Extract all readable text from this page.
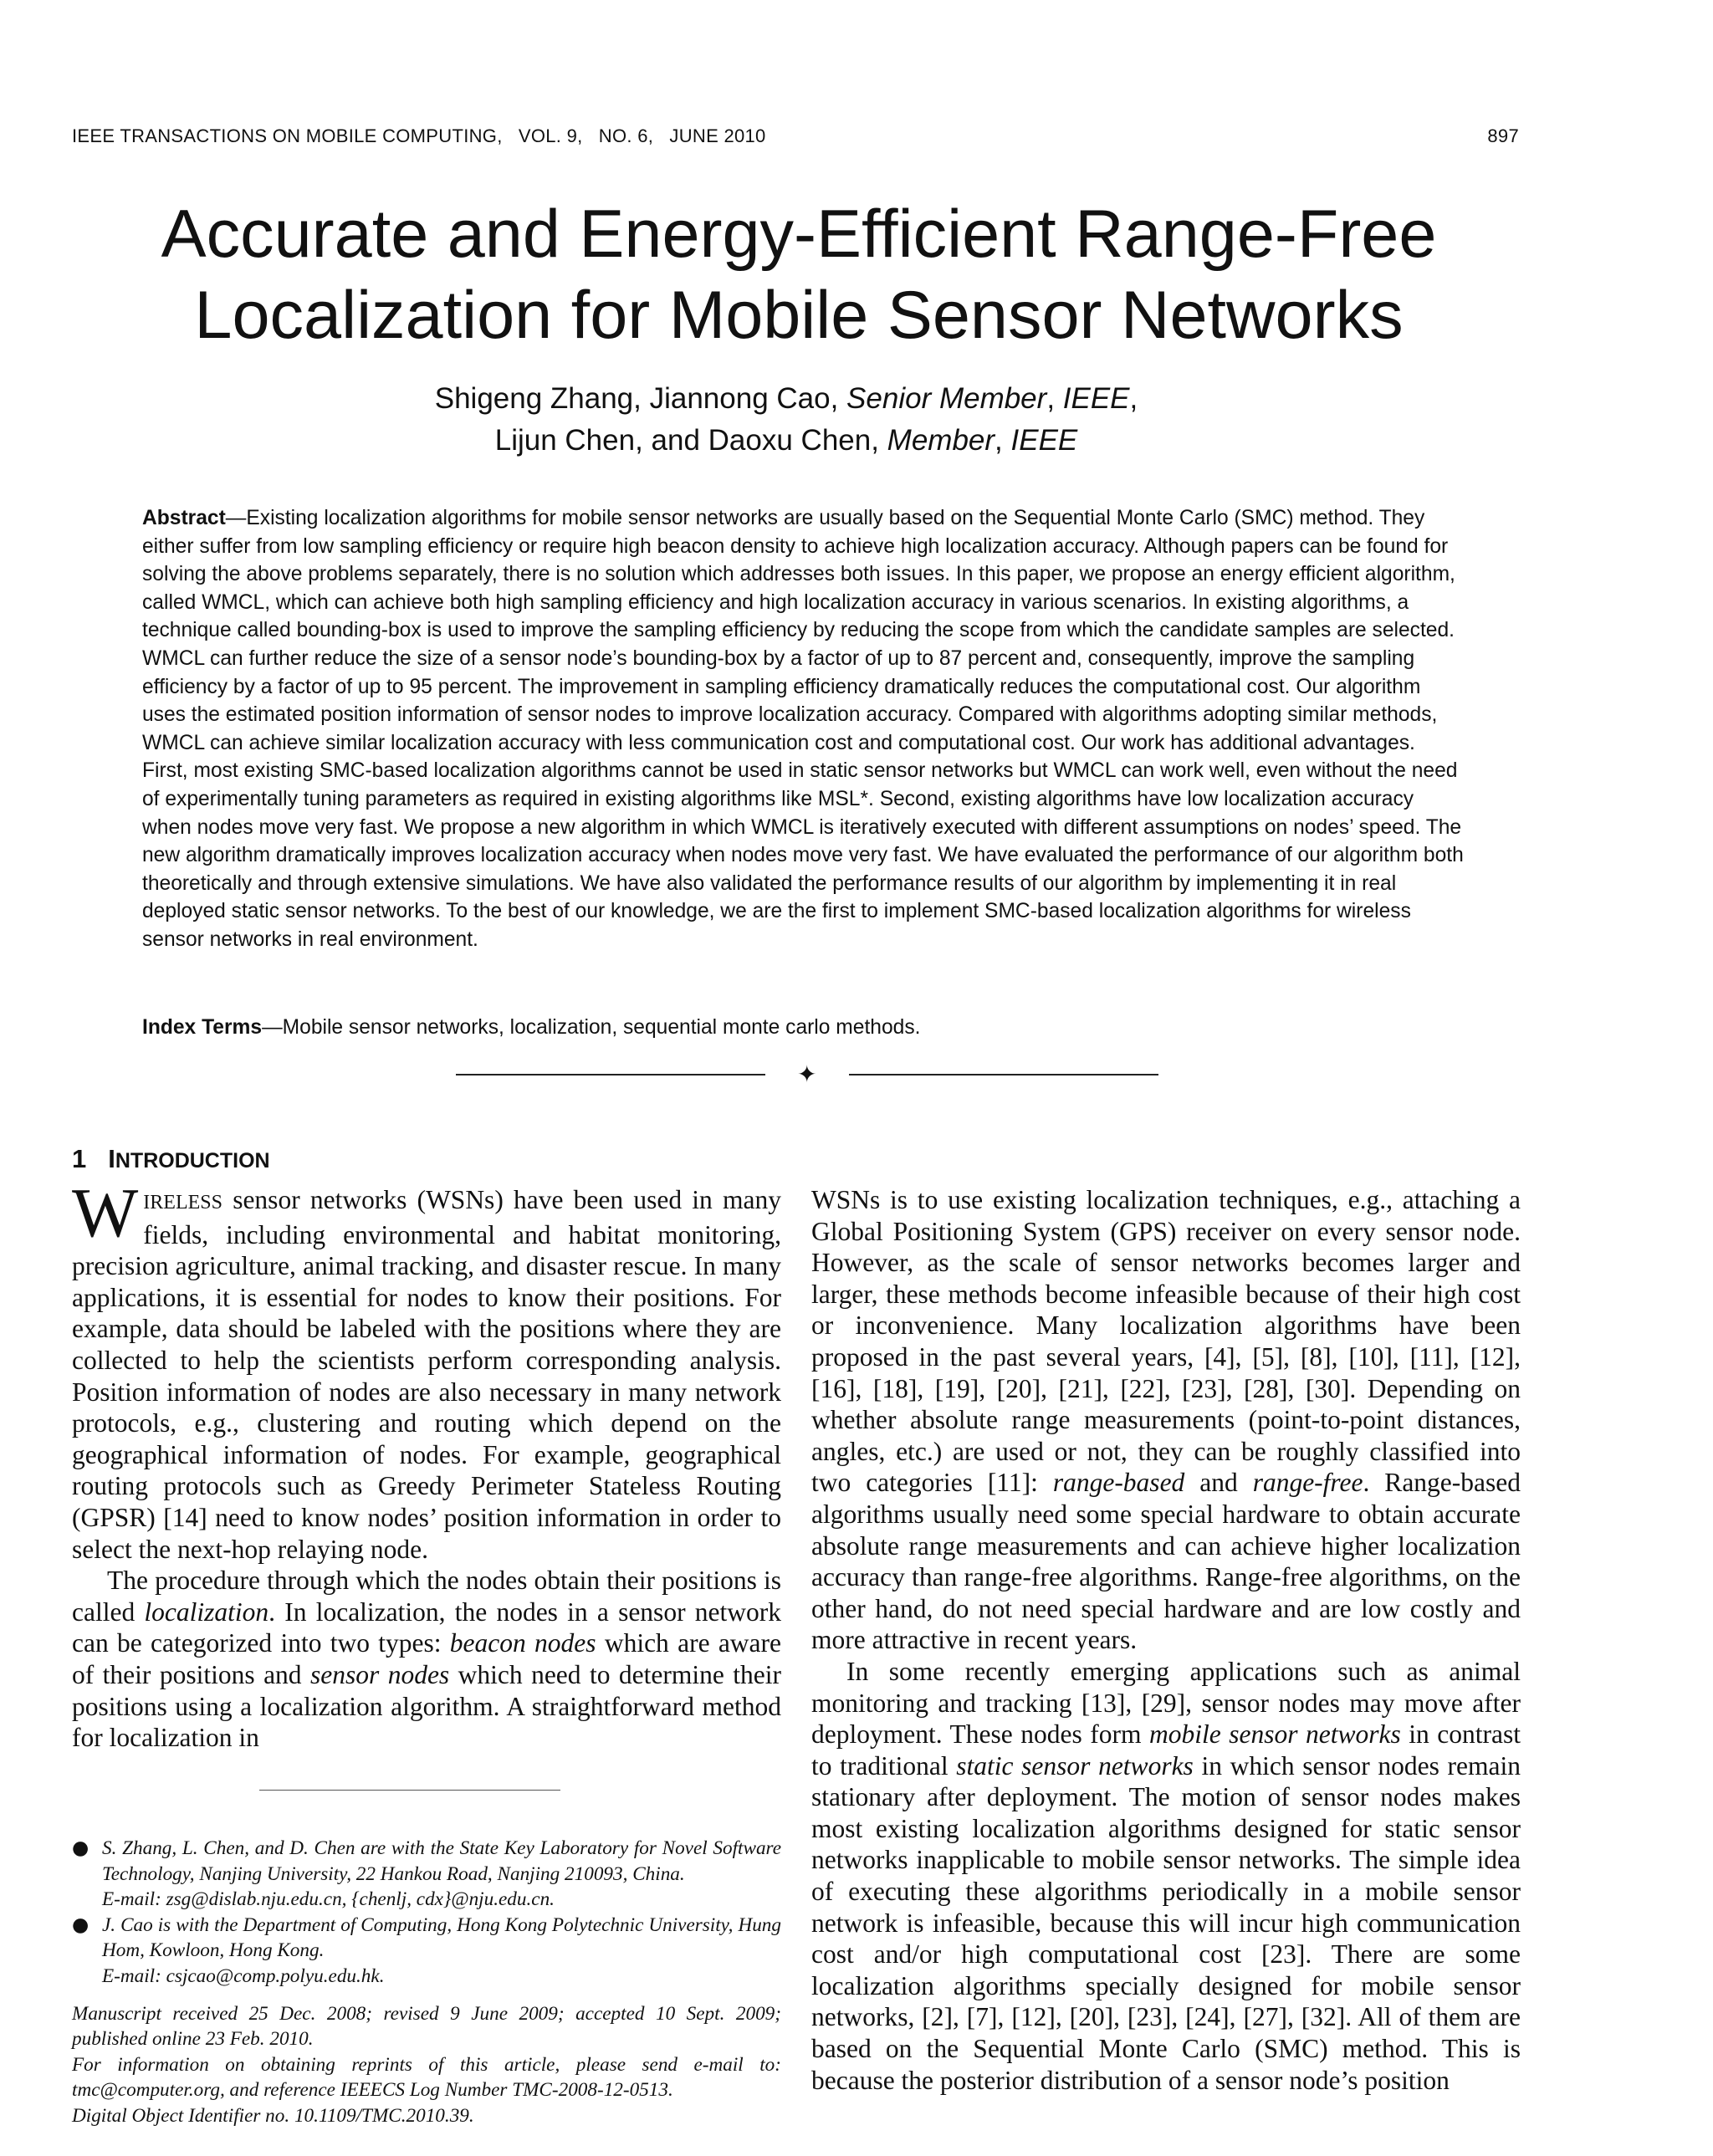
IEEE TRANSACTIONS ON MOBILE COMPUTING,   VOL. 9,   NO. 6,   JUNE 2010	897
Accurate and Energy-Efficient Range-Free
Localization for Mobile Sensor Networks
Shigeng Zhang, Jiannong Cao, Senior Member, IEEE,
Lijun Chen, and Daoxu Chen, Member, IEEE
Abstract—Existing localization algorithms for mobile sensor networks are usually based on the Sequential Monte Carlo (SMC) method. They either suffer from low sampling efficiency or require high beacon density to achieve high localization accuracy. Although papers can be found for solving the above problems separately, there is no solution which addresses both issues. In this paper, we propose an energy efficient algorithm, called WMCL, which can achieve both high sampling efficiency and high localization accuracy in various scenarios. In existing algorithms, a technique called bounding-box is used to improve the sampling efficiency by reducing the scope from which the candidate samples are selected. WMCL can further reduce the size of a sensor node’s bounding-box by a factor of up to 87 percent and, consequently, improve the sampling efficiency by a factor of up to 95 percent. The improvement in sampling efficiency dramatically reduces the computational cost. Our algorithm uses the estimated position information of sensor nodes to improve localization accuracy. Compared with algorithms adopting similar methods, WMCL can achieve similar localization accuracy with less communication cost and computational cost. Our work has additional advantages. First, most existing SMC-based localization algorithms cannot be used in static sensor networks but WMCL can work well, even without the need of experimentally tuning parameters as required in existing algorithms like MSL*. Second, existing algorithms have low localization accuracy when nodes move very fast. We propose a new algorithm in which WMCL is iteratively executed with different assumptions on nodes’ speed. The new algorithm dramatically improves localization accuracy when nodes move very fast. We have evaluated the performance of our algorithm both theoretically and through extensive simulations. We have also validated the performance results of our algorithm by implementing it in real deployed static sensor networks. To the best of our knowledge, we are the first to implement SMC-based localization algorithms for wireless sensor networks in real environment.
Index Terms—Mobile sensor networks, localization, sequential monte carlo methods.
✦
1 INTRODUCTION

WIRELESS sensor networks (WSNs) have been used in many fields, including environmental and habitat monitoring, precision agriculture, animal tracking, and disaster rescue. In many applications, it is essential for nodes to know their positions. For example, data should be labeled with the positions where they are collected to help the scientists perform corresponding analysis. Position information of nodes are also necessary in many network protocols, e.g., clustering and routing which depend on the geographical information of nodes. For example, geographical routing protocols such as Greedy Perimeter Stateless Routing (GPSR) [14] need to know nodes’ position information in order to select the next-hop relaying node.

The procedure through which the nodes obtain their positions is called localization. In localization, the nodes in a sensor network can be categorized into two types: beacon nodes which are aware of their positions and sensor nodes which need to determine their positions using a localization algorithm. A straightforward method for localization in

● S. Zhang, L. Chen, and D. Chen are with the State Key Laboratory for Novel Software Technology, Nanjing University, 22 Hankou Road, Nanjing 210093, China.
E-mail: zsg@dislab.nju.edu.cn, {chenlj, cdx}@nju.edu.cn.
● J. Cao is with the Department of Computing, Hong Kong Polytechnic University, Hung Hom, Kowloon, Hong Kong.
E-mail: csjcao@comp.polyu.edu.hk.

Manuscript received 25 Dec. 2008; revised 9 June 2009; accepted 10 Sept. 2009; published online 23 Feb. 2010.

For information on obtaining reprints of this article, please send e-mail to: tmc@computer.org, and reference IEEECS Log Number TMC-2008-12-0513.

Digital Object Identifier no. 10.1109/TMC.2010.39.

WSNs is to use existing localization techniques, e.g., attaching a Global Positioning System (GPS) receiver on every sensor node. However, as the scale of sensor networks becomes larger and larger, these methods become infeasible because of their high cost or inconvenience. Many localization algorithms have been proposed in the past several years, [4], [5], [8], [10], [11], [12], [16], [18], [19], [20], [21], [22], [23], [28], [30]. Depending on whether absolute range measurements (point-to-point distances, angles, etc.) are used or not, they can be roughly classified into two categories [11]: range-based and range-free. Range-based algorithms usually need some special hardware to obtain accurate absolute range measurements and can achieve higher localization accuracy than range-free algorithms. Range-free algorithms, on the other hand, do not need special hardware and are low costly and more attractive in recent years.

In some recently emerging applications such as animal monitoring and tracking [13], [29], sensor nodes may move after deployment. These nodes form mobile sensor networks in contrast to traditional static sensor networks in which sensor nodes remain stationary after deployment. The motion of sensor nodes makes most existing localization algorithms designed for static sensor networks inapplicable to mobile sensor networks. The simple idea of executing these algorithms periodically in a mobile sensor network is infeasible, because this will incur high communication cost and/or high computational cost [23]. There are some localization algorithms specially designed for mobile sensor networks, [2], [7], [12], [20], [23], [24], [27], [32]. All of them are based on the Sequential Monte Carlo (SMC) method. This is because the posterior distribution of a sensor node’s position
